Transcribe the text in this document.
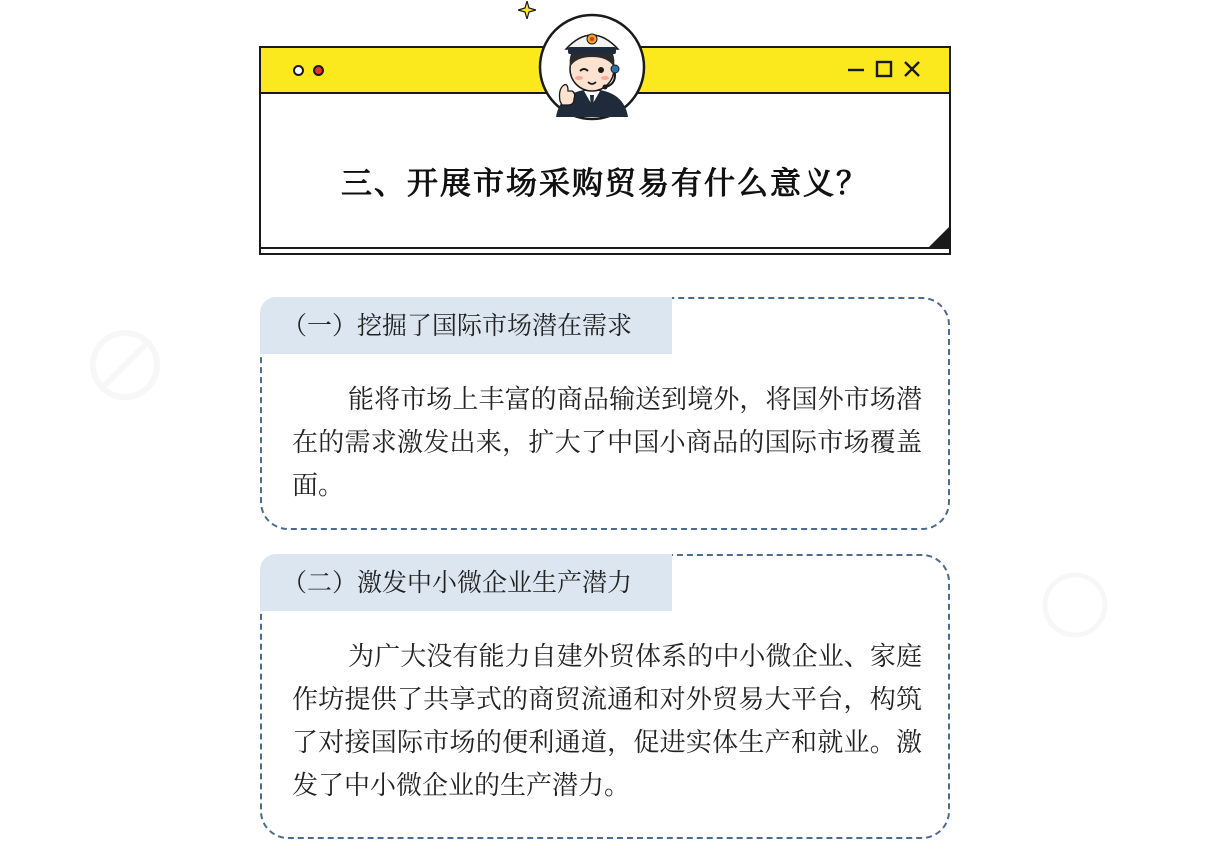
三、开展市场采购贸易有什么意义？
（一）挖掘了国际市场潜在需求
能将市场上丰富的商品输送到境外，将国外市场潜在的需求激发出来，扩大了中国小商品的国际市场覆盖面。
（二）激发中小微企业生产潜力
为广大没有能力自建外贸体系的中小微企业、家庭作坊提供了共享式的商贸流通和对外贸易大平台，构筑了对接国际市场的便利通道，促进实体生产和就业。激发了中小微企业的生产潜力。
